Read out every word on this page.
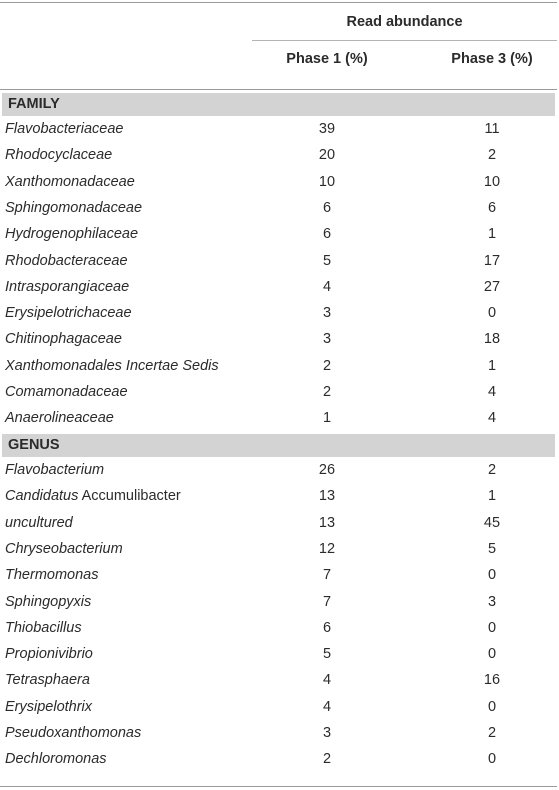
Read abundance
Phase 1 (%)	Phase 3 (%)
FAMILY
Flavobacteriaceae	39	11
Rhodocyclaceae	20	2
Xanthomonadaceae	10	10
Sphingomonadaceae	6	6
Hydrogenophilaceae	6	1
Rhodobacteraceae	5	17
Intrasporangiaceae	4	27
Erysipelotrichaceae	3	0
Chitinophagaceae	3	18
Xanthomonadales Incertae Sedis	2	1
Comamonadaceae	2	4
Anaerolineaceae	1	4
GENUS
Flavobacterium	26	2
Candidatus Accumulibacter	13	1
uncultured	13	45
Chryseobacterium	12	5
Thermomonas	7	0
Sphingopyxis	7	3
Thiobacillus	6	0
Propionivibrio	5	0
Tetrasphaera	4	16
Erysipelothrix	4	0
Pseudoxanthomonas	3	2
Dechloromonas	2	0
